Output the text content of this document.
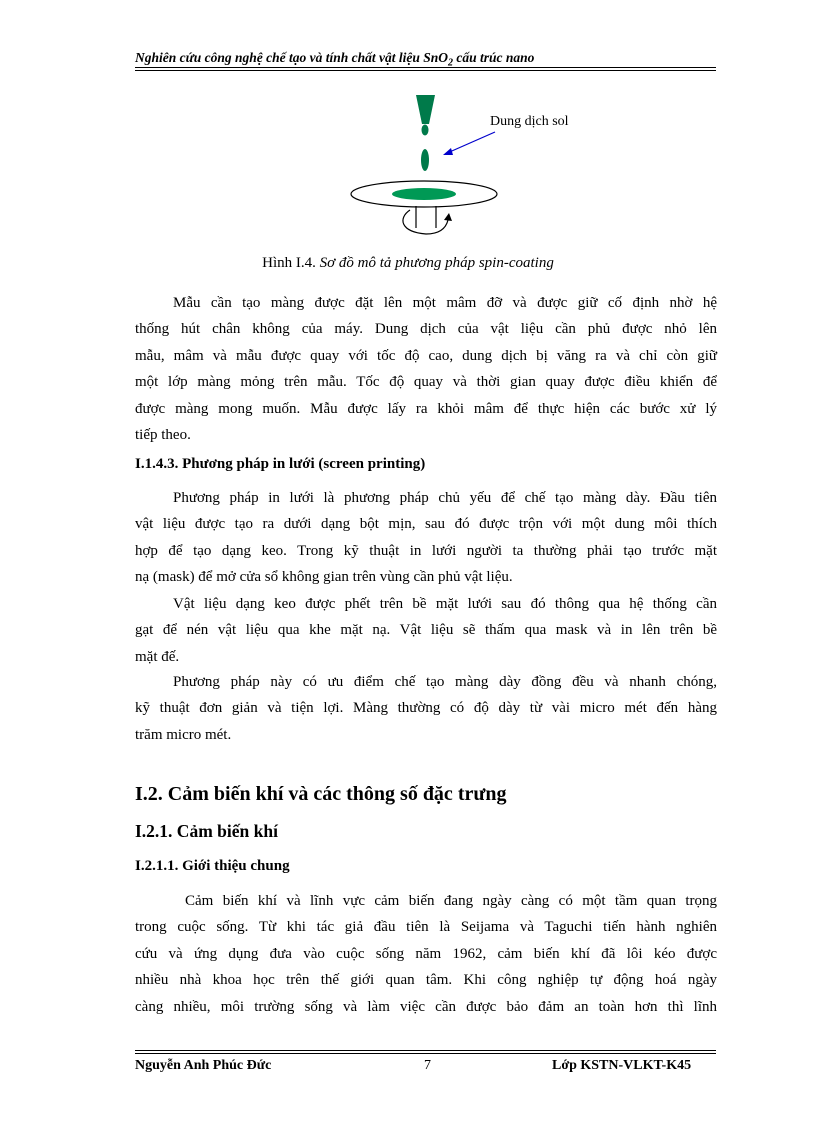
Nghiên cứu công nghệ chế tạo và tính chất vật liệu SnO$_2$ cấu trúc nano
Dung dịch sol
Hình I.4. Sơ đồ mô tả phương pháp spin-coating
Mẫu cần tạo màng được đặt lên một mâm đỡ và được giữ cố định nhờ hệ
thống hút chân không của máy. Dung dịch của vật liệu cần phủ được nhỏ lên
mẫu, mâm và mẫu được quay với tốc độ cao, dung dịch bị văng ra và chỉ còn giữ
một lớp màng mỏng trên mẫu. Tốc độ quay và thời gian quay được điều khiển để
được màng mong muốn. Mẫu được lấy ra khỏi mâm để thực hiện các bước xử lý
tiếp theo.
I.1.4.3. Phương pháp in lưới (screen printing)
Phương pháp in lưới là phương pháp chủ yếu để chế tạo màng dày. Đầu tiên
vật liệu được tạo ra dưới dạng bột mịn, sau đó được trộn với một dung môi thích
hợp để tạo dạng keo. Trong kỹ thuật in lưới người ta thường phải tạo trước mặt
nạ (mask) để mở cửa sổ không gian trên vùng cần phủ vật liệu.
Vật liệu dạng keo được phết trên bề mặt lưới sau đó thông qua hệ thống cần
gạt để nén vật liệu qua khe mặt nạ. Vật liệu sẽ thấm qua mask và in lên trên bề
mặt đế.
Phương pháp này có ưu điểm chế tạo màng dày đồng đều và nhanh chóng,
kỹ thuật đơn giản và tiện lợi. Màng thường có độ dày từ vài micro mét đến hàng
trăm micro mét.
I.2. Cảm biến khí và các thông số đặc trưng
I.2.1. Cảm biến khí
I.2.1.1. Giới thiệu chung
Cảm biến khí và lĩnh vực cảm biến đang ngày càng có một tầm quan trọng
trong cuộc sống. Từ khi tác giả đầu tiên là Seijama và Taguchi tiến hành nghiên
cứu và ứng dụng đưa vào cuộc sống năm 1962, cảm biến khí đã lôi kéo được
nhiều nhà khoa học trên thế giới quan tâm. Khi công nghiệp tự động hoá ngày
càng nhiều, môi trường sống và làm việc cần được bảo đảm an toàn hơn thì lĩnh
Nguyễn Anh Phúc Đức	7	Lớp KSTN-VLKT-K45
